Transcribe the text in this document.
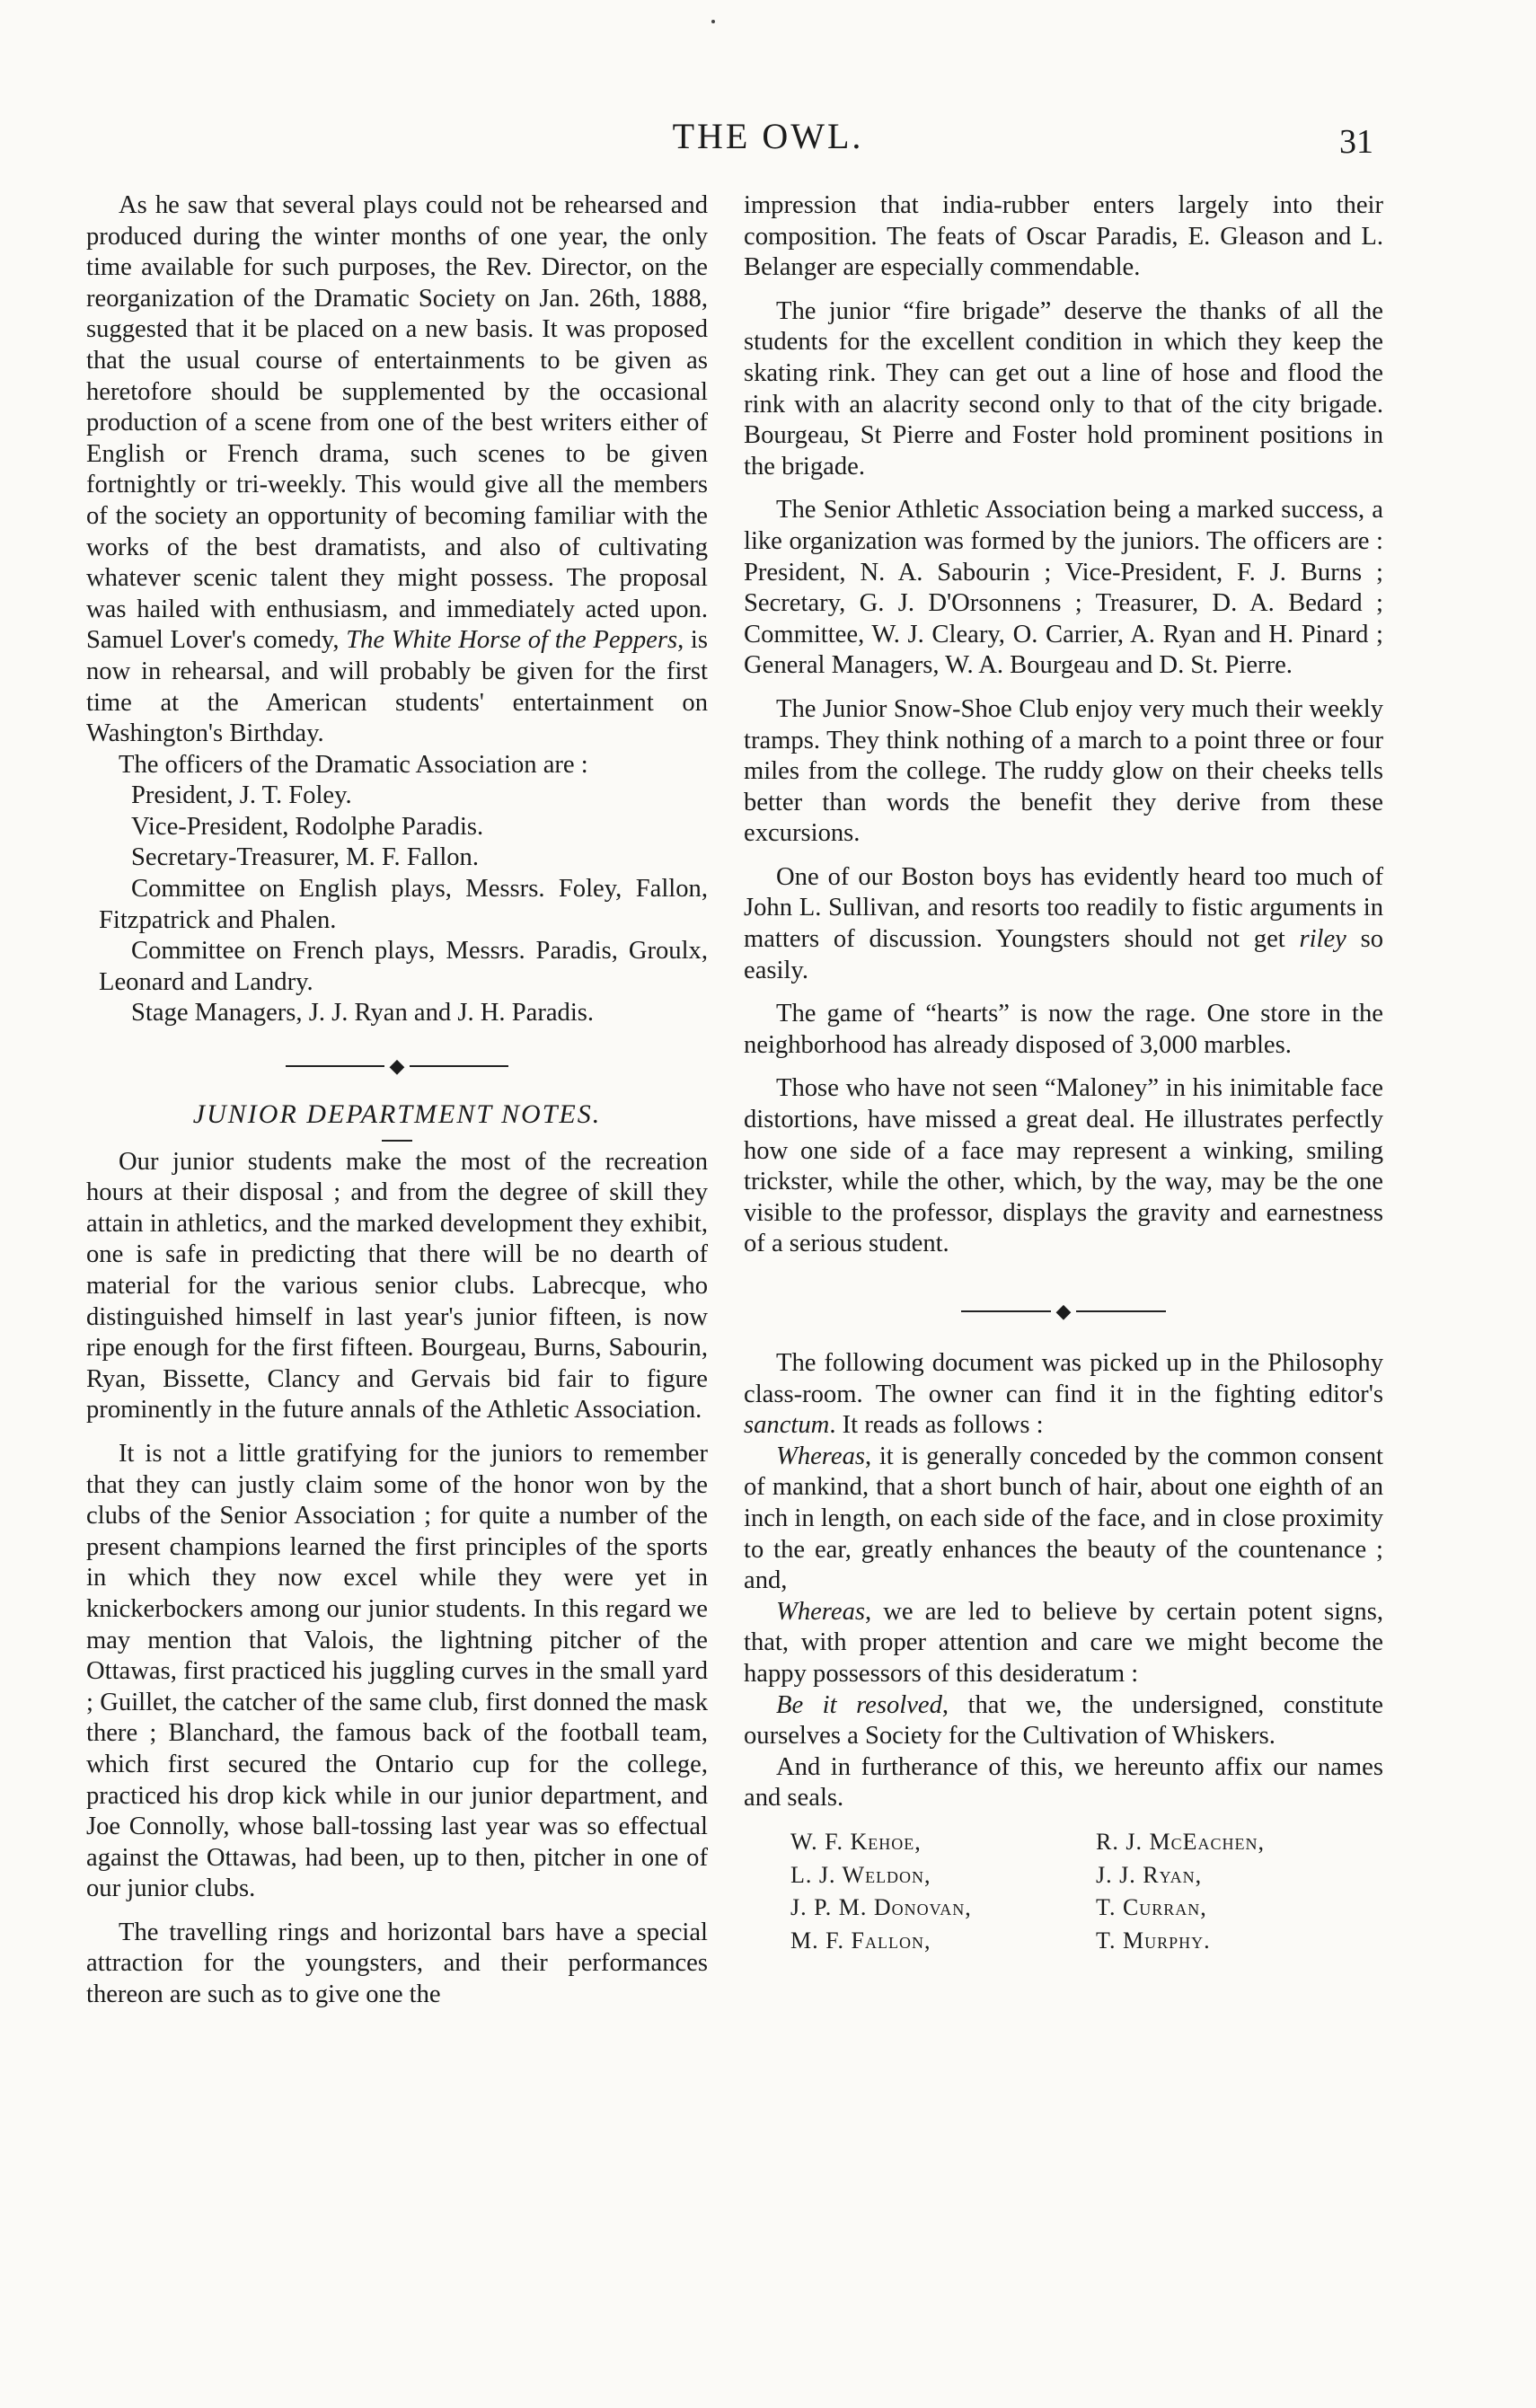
THE OWL.	31

As he saw that several plays could not be rehearsed and produced during the winter months of one year, the only time available for such purposes, the Rev. Director, on the reorganization of the Dramatic Society on Jan. 26th, 1888, suggested that it be placed on a new basis. It was proposed that the usual course of entertainments to be given as heretofore should be supplemented by the occasional production of a scene from one of the best writers either of English or French drama, such scenes to be given fortnightly or tri-weekly. This would give all the members of the society an opportunity of becoming familiar with the works of the best dramatists, and also of cultivating whatever scenic talent they might possess. The proposal was hailed with enthusiasm, and immediately acted upon. Samuel Lover's comedy, The White Horse of the Peppers, is now in rehearsal, and will probably be given for the first time at the American students' entertainment on Washington's Birthday.

The officers of the Dramatic Association are :

President, J. T. Foley.

Vice-President, Rodolphe Paradis.

Secretary-Treasurer, M. F. Fallon.

Committee on English plays, Messrs. Foley, Fallon, Fitzpatrick and Phalen.

Committee on French plays, Messrs. Paradis, Groulx, Leonard and Landry.

Stage Managers, J. J. Ryan and J. H. Paradis.

◆
JUNIOR DEPARTMENT NOTES.

Our junior students make the most of the recreation hours at their disposal ; and from the degree of skill they attain in athletics, and the marked development they exhibit, one is safe in predicting that there will be no dearth of material for the various senior clubs. Labrecque, who distinguished himself in last year's junior fifteen, is now ripe enough for the first fifteen. Bourgeau, Burns, Sabourin, Ryan, Bissette, Clancy and Gervais bid fair to figure prominently in the future annals of the Athletic Association.

It is not a little gratifying for the juniors to remember that they can justly claim some of the honor won by the clubs of the Senior Association ; for quite a number of the present champions learned the first principles of the sports in which they now excel while they were yet in knickerbockers among our junior students. In this regard we may mention that Valois, the lightning pitcher of the Ottawas, first practiced his juggling curves in the small yard ; Guillet, the catcher of the same club, first donned the mask there ; Blanchard, the famous back of the football team, which first secured the Ontario cup for the college, practiced his drop kick while in our junior department, and Joe Connolly, whose ball-tossing last year was so effectual against the Ottawas, had been, up to then, pitcher in one of our junior clubs.

The travelling rings and horizontal bars have a special attraction for the youngsters, and their performances thereon are such as to give one the

impression that india-rubber enters largely into their composition. The feats of Oscar Paradis, E. Gleason and L. Belanger are especially commendable.

The junior “fire brigade” deserve the thanks of all the students for the excellent condition in which they keep the skating rink. They can get out a line of hose and flood the rink with an alacrity second only to that of the city brigade. Bourgeau, St Pierre and Foster hold prominent positions in the brigade.

The Senior Athletic Association being a marked success, a like organization was formed by the juniors. The officers are : President, N. A. Sabourin ; Vice-President, F. J. Burns ; Secretary, G. J. D'Orsonnens ; Treasurer, D. A. Bedard ; Committee, W. J. Cleary, O. Carrier, A. Ryan and H. Pinard ; General Managers, W. A. Bourgeau and D. St. Pierre.

The Junior Snow-Shoe Club enjoy very much their weekly tramps. They think nothing of a march to a point three or four miles from the college. The ruddy glow on their cheeks tells better than words the benefit they derive from these excursions.

One of our Boston boys has evidently heard too much of John L. Sullivan, and resorts too readily to fistic arguments in matters of discussion. Youngsters should not get riley so easily.

The game of “hearts” is now the rage. One store in the neighborhood has already disposed of 3,000 marbles.

Those who have not seen “Maloney” in his inimitable face distortions, have missed a great deal. He illustrates perfectly how one side of a face may represent a winking, smiling trickster, while the other, which, by the way, may be the one visible to the professor, displays the gravity and earnestness of a serious student.

◆

The following document was picked up in the Philosophy class-room. The owner can find it in the fighting editor's sanctum. It reads as follows :

Whereas, it is generally conceded by the common consent of mankind, that a short bunch of hair, about one eighth of an inch in length, on each side of the face, and in close proximity to the ear, greatly enhances the beauty of the countenance ; and,

Whereas, we are led to believe by certain potent signs, that, with proper attention and care we might become the happy possessors of this desideratum :

Be it resolved, that we, the undersigned, constitute ourselves a Society for the Cultivation of Whiskers.

And in furtherance of this, we hereunto affix our names and seals.

W. F. Kehoe,	R. J. McEachen,
L. J. Weldon,	J. J. Ryan,
J. P. M. Donovan,	T. Curran,
M. F. Fallon,	T. Murphy.
